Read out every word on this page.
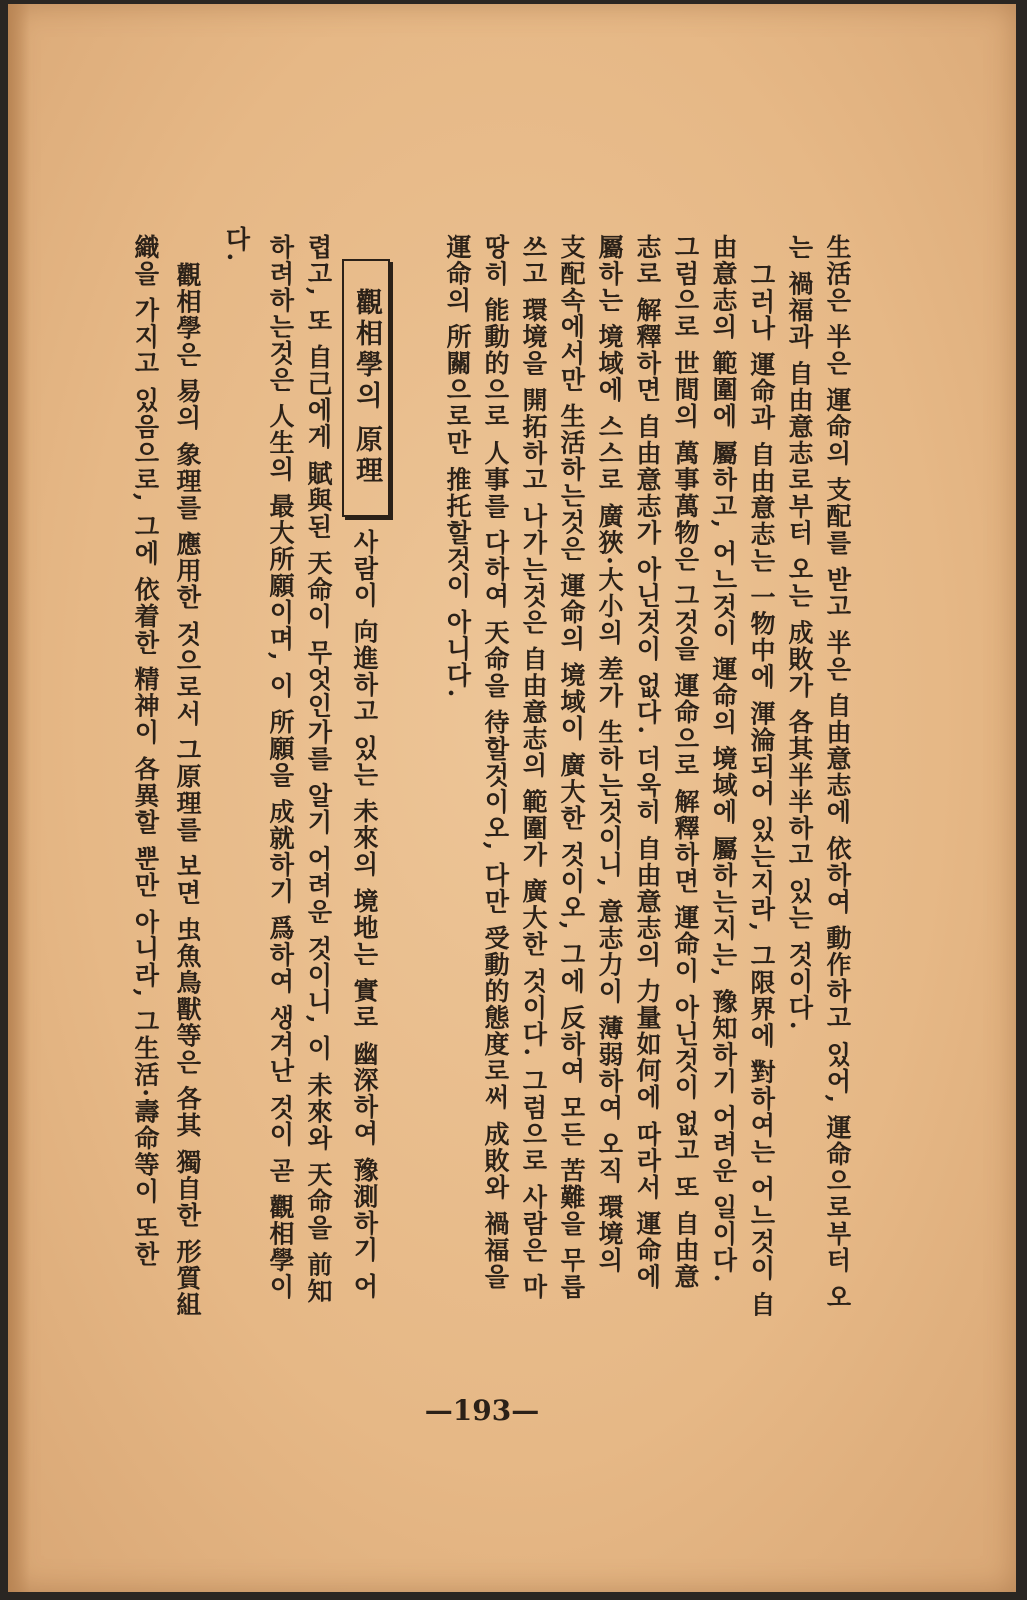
生活은 半은 運命의 支配를 받고 半은 自由意志에 依하여 動作하고 있어, 運命으로부터 오
는 禍福과 自由意志로부터 오는 成敗가 各其半半하고 있는 것이다.
그러나 運命과 自由意志는 一物中에 渾淪되어 있는지라, 그限界에 對하여는 어느것이 自
由意志의 範圍에 屬하고, 어느것이 運命의 境域에 屬하는지는, 豫知하기 어려운 일이다.
그럼으로 世間의 萬事萬物은 그것을 運命으로 解釋하면 運命이 아닌것이 없고 또 自由意
志로 解釋하면 自由意志가 아닌것이 없다. 더욱히 自由意志의 力量如何에 따라서 運命에
屬하는 境域에 스스로 廣狹·大小의 差가 生하는것이니, 意志力이 薄弱하여 오직 環境의
支配속에서만 生活하는것은 運命의 境域이 廣大한 것이오, 그에 反하여 모든 苦難을 무릅
쓰고 環境을 開拓하고 나가는것은 自由意志의 範圍가 廣大한 것이다. 그럼으로 사람은 마
땅히 能動的으로 人事를 다하여 天命을 待할것이오, 다만 受動的態度로써 成敗와 禍福을
運命의 所關으로만 推托할것이 아니다.
觀相學의 原理
사람이 向進하고 있는 未來의 境地는 實로 幽深하여 豫測하기 어
렵고, 또 自己에게 賦與된 天命이 무엇인가를 알기 어려운 것이니, 이 未來와 天命을 前知
하려하는것은 人生의 最大所願이며, 이 所願을 成就하기 爲하여 생겨난 것이 곧 觀相學이
다.
觀相學은 易의 象理를 應用한 것으로서 그原理를 보면 虫魚鳥獸等은 各其 獨自한 形質組
織을 가지고 있음으로, 그에 依着한 精神이 各異할 뿐만 아니라, 그生活·壽命等이 또한
—193—
